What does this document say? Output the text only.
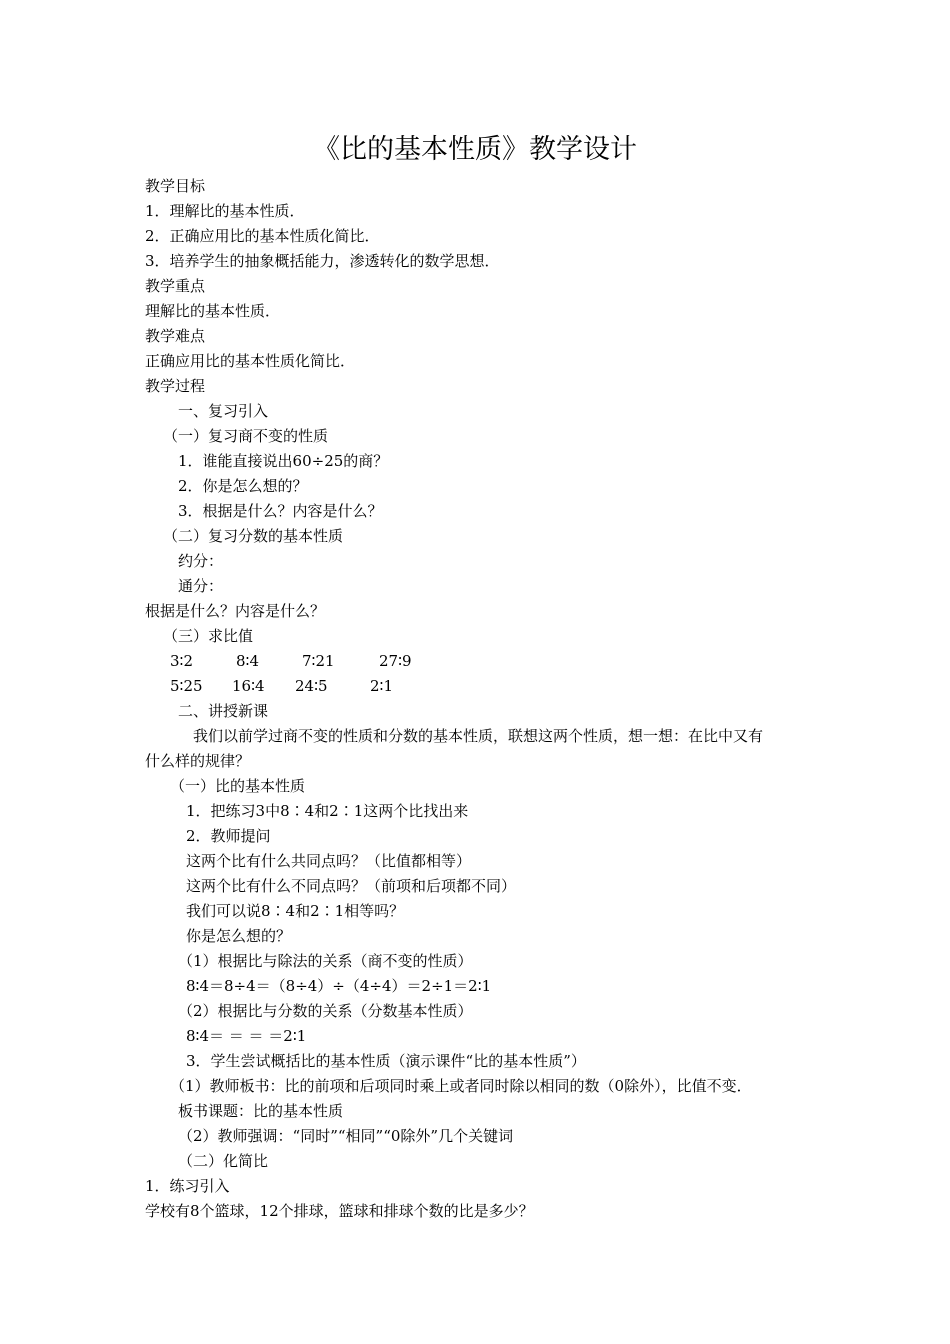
《比的基本性质》教学设计

教学目标

1．理解比的基本性质．

2．正确应用比的基本性质化简比．

3．培养学生的抽象概括能力，渗透转化的数学思想．

教学重点

理解比的基本性质．

教学难点

正确应用比的基本性质化简比．

教学过程

一、复习引入

（一）复习商不变的性质

1．谁能直接说出60÷25的商？

2．你是怎么想的？

3．根据是什么？内容是什么？

（二）复习分数的基本性质

约分：

通分：

根据是什么？内容是什么？

（三）求比值

3∶2	8∶4	7∶21	27∶9
5∶25 16∶4 24∶5	2∶1

二、讲授新课

我们以前学过商不变的性质和分数的基本性质，联想这两个性质，想一想：在比中又有

什么样的规律？

（一）比的基本性质

1．把练习3中8∶4和2∶1这两个比找出来

2．教师提问

这两个比有什么共同点吗？（比值都相等）

这两个比有什么不同点吗？（前项和后项都不同）

我们可以说8∶4和2∶1相等吗？

你是怎么想的？

（1）根据比与除法的关系（商不变的性质）

8∶4＝8÷4＝（8÷4）÷（4÷4）＝2÷1＝2∶1

（2）根据比与分数的关系（分数基本性质）

8∶4＝ ＝ ＝ ＝2∶1

3．学生尝试概括比的基本性质（演示课件“比的基本性质”）

（1）教师板书：比的前项和后项同时乘上或者同时除以相同的数（0除外），比值不变．

板书课题：比的基本性质

（2）教师强调：“同时”“相同”“0除外”几个关键词

（二）化简比

1．练习引入

学校有8个篮球，12个排球，篮球和排球个数的比是多少？
